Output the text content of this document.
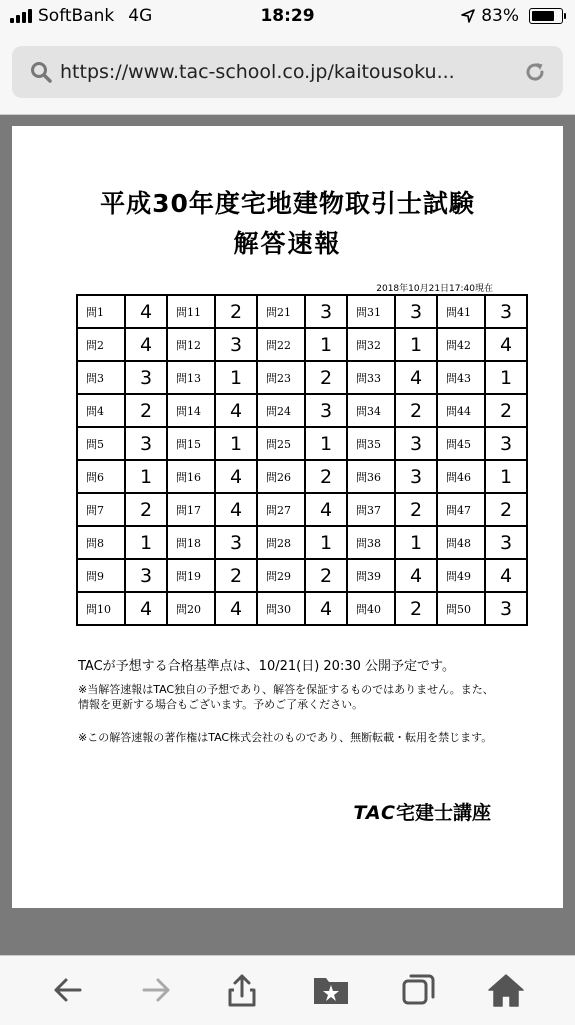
SoftBank 4G	18:29	83%
https://www.tac-school.co.jp/kaitousoku...
平成30年度宅地建物取引士試験
解答速報
2018年10月21日17:40現在
問1	4	問11	2	問21	3	問31	3	問41	3
問2	4	問12	3	問22	1	問32	1	問42	4
問3	3	問13	1	問23	2	問33	4	問43	1
問4	2	問14	4	問24	3	問34	2	問44	2
問5	3	問15	1	問25	1	問35	3	問45	3
問6	1	問16	4	問26	2	問36	3	問46	1
問7	2	問17	4	問27	4	問37	2	問47	2
問8	1	問18	3	問28	1	問38	1	問48	3
問9	3	問19	2	問29	2	問39	4	問49	4
問10	4	問20	4	問30	4	問40	2	問50	3
TACが予想する合格基準点は、10/21(日) 20:30 公開予定です。
※当解答速報はTAC独自の予想であり、解答を保証するものではありません。また、情報を更新する場合もございます。予めご了承ください。
※この解答速報の著作権はTAC株式会社のものであり、無断転載・転用を禁じます。
TAC宅建士講座
